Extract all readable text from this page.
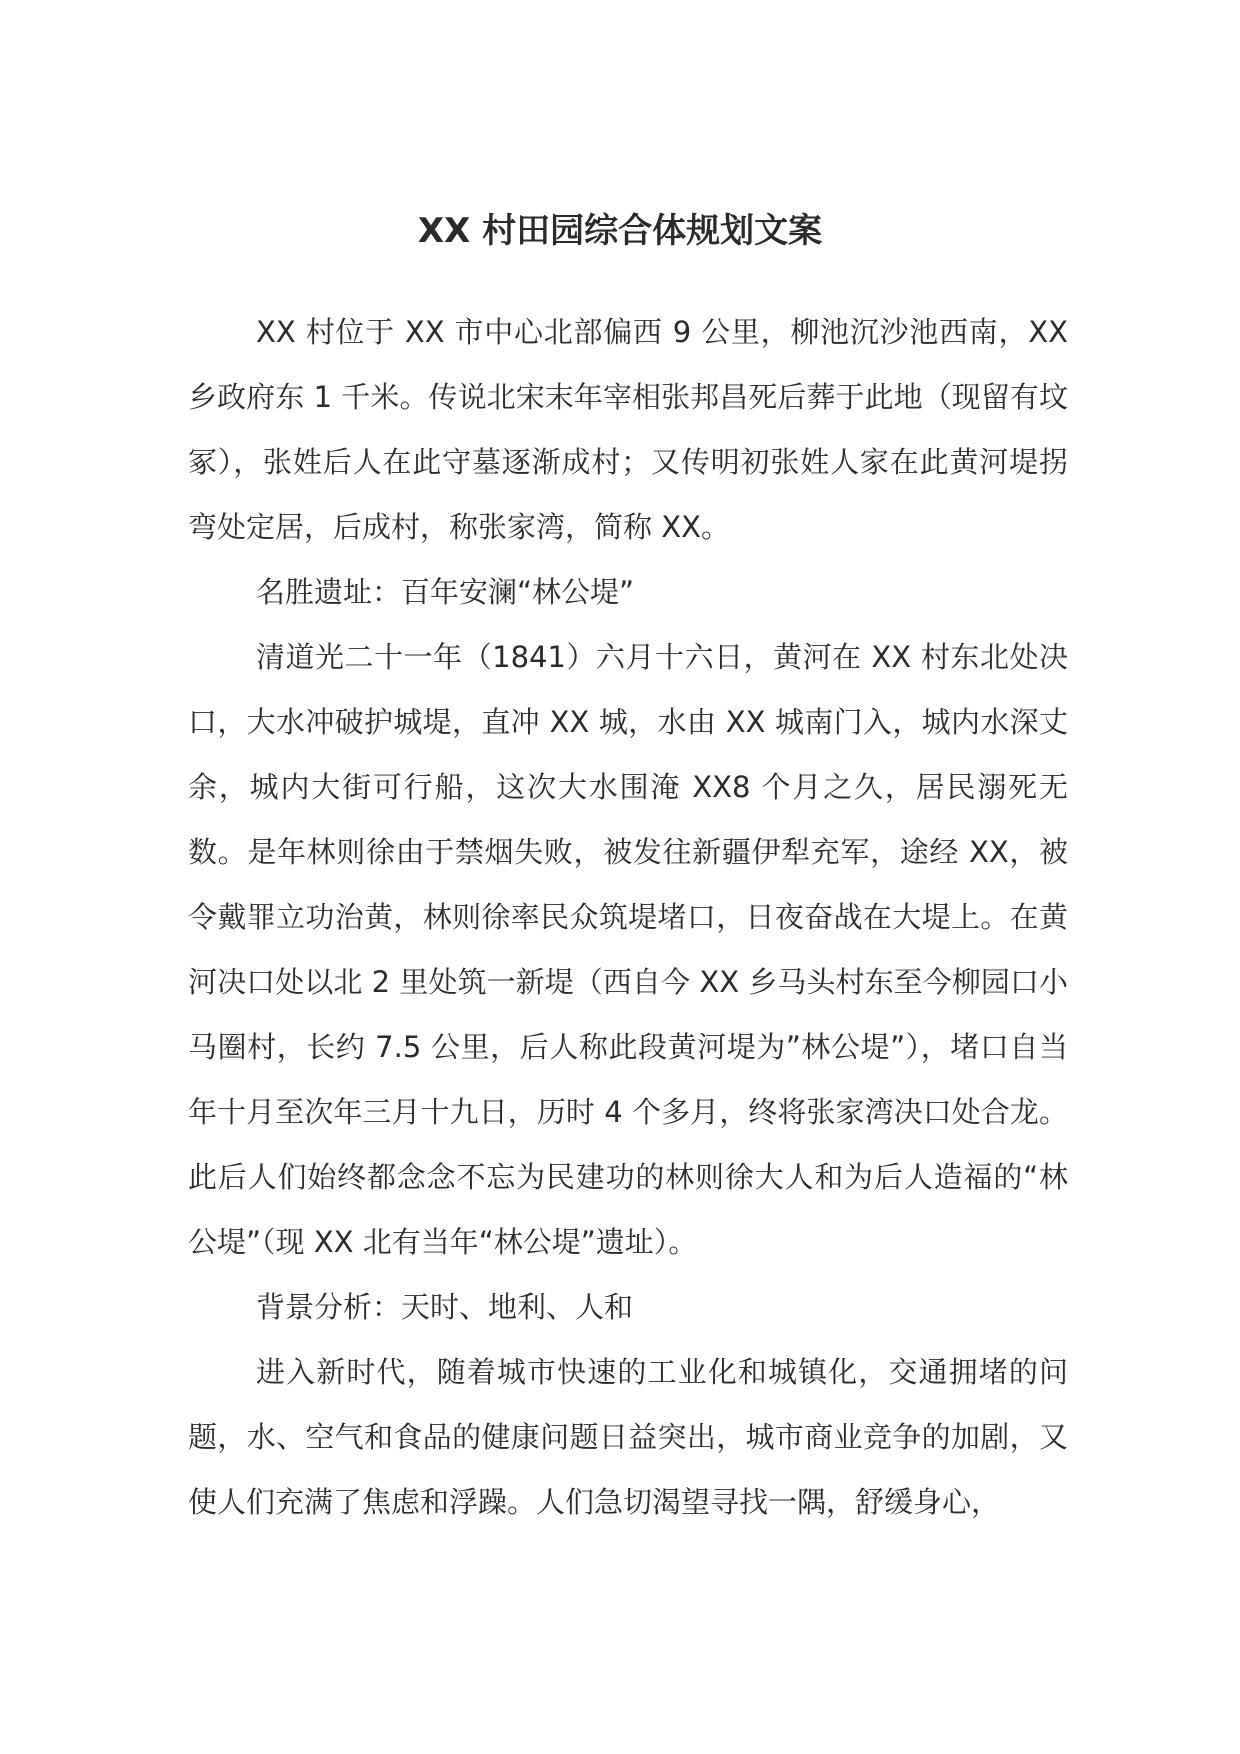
XX 村田园综合体规划文案

XX 村位于 XX 市中心北部偏西 9 公里，柳池沉沙池西南，XX 乡政府东 1 千米。传说北宋末年宰相张邦昌死后葬于此地（现留有坟冢），张姓后人在此守墓逐渐成村；又传明初张姓人家在此黄河堤拐弯处定居，后成村，称张家湾，简称 XX。

名胜遗址：百年安澜“林公堤”

清道光二十一年（1841）六月十六日，黄河在 XX 村东北处决口，大水冲破护城堤，直冲 XX 城，水由 XX 城南门入，城内水深丈余，城内大街可行船，这次大水围淹 XX8 个月之久，居民溺死无数。是年林则徐由于禁烟失败，被发往新疆伊犁充军，途经 XX，被令戴罪立功治黄，林则徐率民众筑堤堵口，日夜奋战在大堤上。在黄河决口处以北 2 里处筑一新堤（西自今 XX 乡马头村东至今柳园口小马圈村，长约 7.5 公里，后人称此段黄河堤为”林公堤”），堵口自当年十月至次年三月十九日，历时 4 个多月，终将张家湾决口处合龙。此后人们始终都念念不忘为民建功的林则徐大人和为后人造福的“林公堤”（现 XX 北有当年“林公堤”遗址）。

背景分析：天时、地利、人和

进入新时代，随着城市快速的工业化和城镇化，交通拥堵的问题，水、空气和食品的健康问题日益突出，城市商业竞争的加剧，又使人们充满了焦虑和浮躁。人们急切渴望寻找一隅，舒缓身心，
